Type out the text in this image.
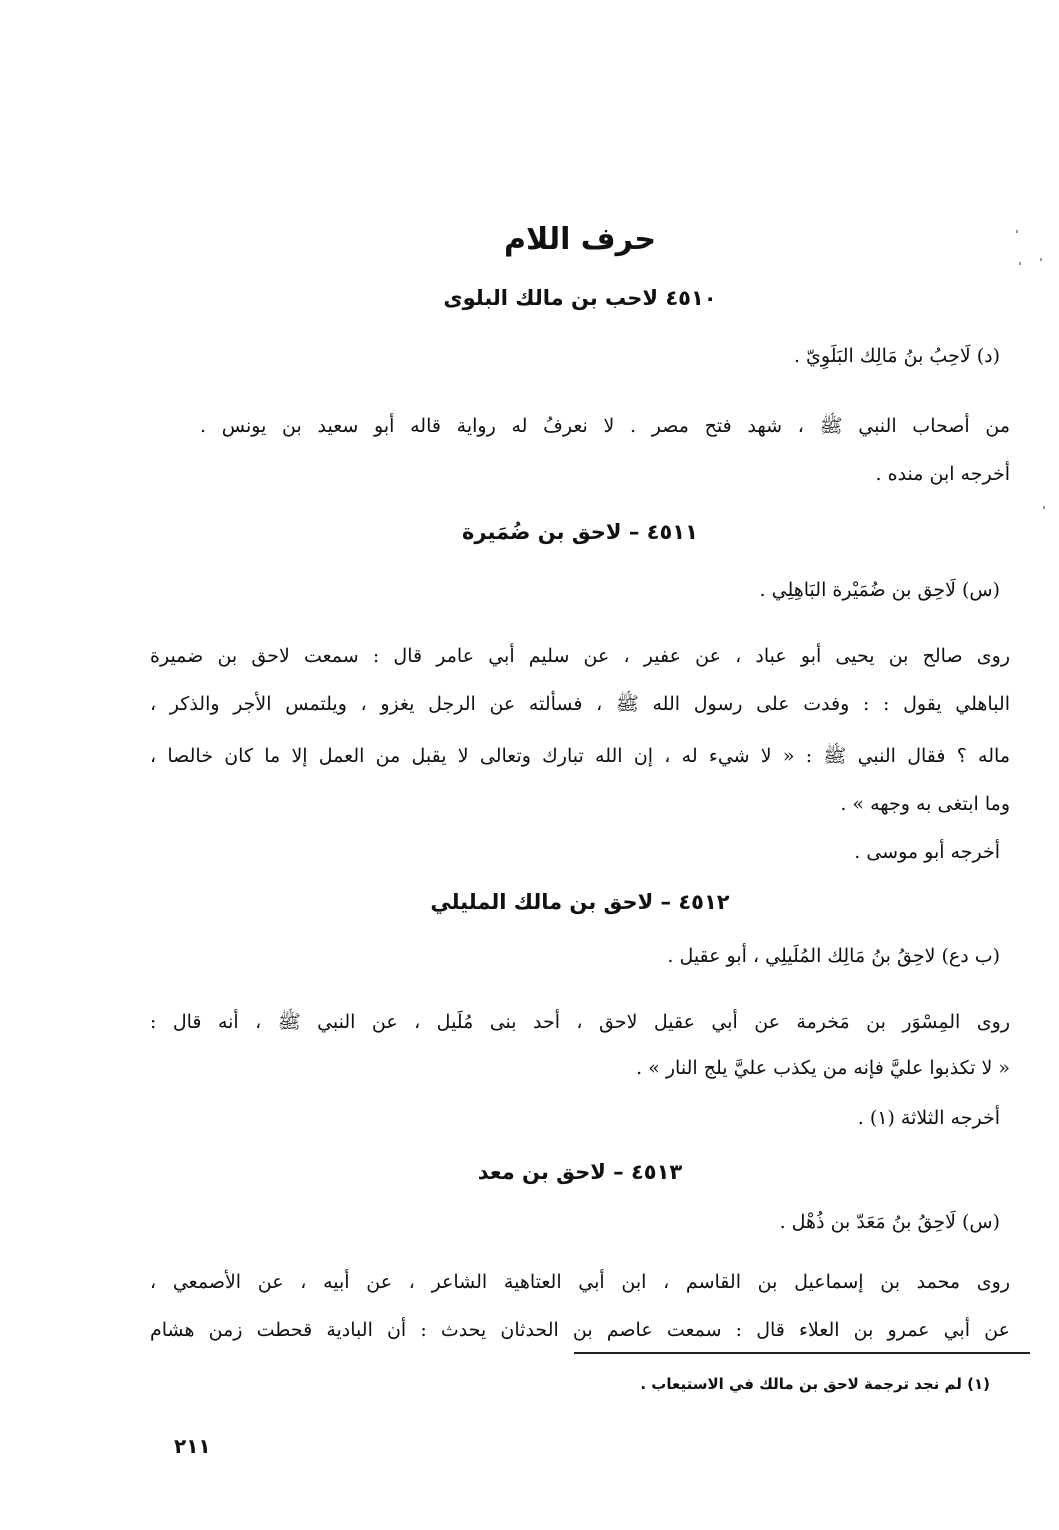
حرف اللام
٤٥١٠ لاحب بن مالك البلوى
(د) لَاحِبُ بنُ مَالِك البَلَوِيّ .
من أصحاب النبي ﷺ ، شهد فتح مصر . لا نعرفُ له رواية قاله أبو سعيد بن يونس .
أخرجه ابن منده .
٤٥١١ – لاحق بن ضُمَيرة
(س) لَاحِق بن ضُمَيْرة البَاهِلِي .
روى صالح بن يحيى أبو عباد ، عن عفير ، عن سليم أبي عامر قال : سمعت لاحق بن ضميرة
الباهلي يقول : : وفدت على رسول الله ﷺ ، فسألته عن الرجل يغزو ، ويلتمس الأجر والذكر ،
ماله ؟ فقال النبي ﷺ : « لا شيء له ، إن الله تبارك وتعالى لا يقبل من العمل إلا ما كان خالصا ،
وما ابتغى به وجهه » .
أخرجه أبو موسى .
٤٥١٢ – لاحق بن مالك المليلي
(ب دع) لاحِقُ بنُ مَالِك المُلَيلِي ، أبو عقيل .
روى المِسْوَر بن مَخرمة عن أبي عقيل لاحق ، أحد بنى مُلَيل ، عن النبي ﷺ ، أنه قال :
« لا تكذبوا عليَّ فإنه من يكذب عليَّ يلج النار » .
أخرجه الثلاثة (١) .
٤٥١٣ – لاحق بن معد
(س) لَاحِقُ بنُ مَعَدّ بن ذُهْل .
روى محمد بن إسماعيل بن القاسم ، ابن أبي العتاهية الشاعر ، عن أبيه ، عن الأصمعي ،
عن أبي عمرو بن العلاء قال : سمعت عاصم بن الحدثان يحدث : أن البادية قحطت زمن هشام
(١) لم نجد ترجمة لاحق بن مالك في الاستيعاب .
٢١١
